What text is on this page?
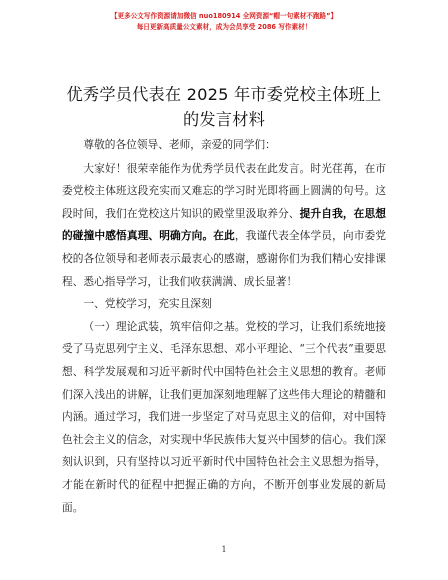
【更多公文写作资源请加微信 nuo180914 全网资源“帽一句素材不跑路”】
每日更新高质量公文素材，成为会员享受 2086 写作素材！
优秀学员代表在 2025 年市委党校主体班上的发言材料

尊敬的各位领导、老师，亲爱的同学们：

大家好！很荣幸能作为优秀学员代表在此发言。时光荏苒，在市委党校主体班这段充实而又难忘的学习时光即将画上圆满的句号。这段时间，我们在党校这片知识的殿堂里汲取养分、提升自我，在思想的碰撞中感悟真理、明确方向。在此，我谨代表全体学员，向市委党校的各位领导和老师表示最衷心的感谢，感谢你们为我们精心安排课程、悉心指导学习，让我们收获满满、成长显著！

一、党校学习，充实且深刻

（一）理论武装，筑牢信仰之基。党校的学习，让我们系统地接受了马克思列宁主义、毛泽东思想、邓小平理论、“三个代表”重要思想、科学发展观和习近平新时代中国特色社会主义思想的教育。老师们深入浅出的讲解，让我们更加深刻地理解了这些伟大理论的精髓和内涵。通过学习，我们进一步坚定了对马克思主义的信仰，对中国特色社会主义的信念，对实现中华民族伟大复兴中国梦的信心。我们深刻认识到，只有坚持以习近平新时代中国特色社会主义思想为指导，才能在新时代的征程中把握正确的方向，不断开创事业发展的新局面。

1
